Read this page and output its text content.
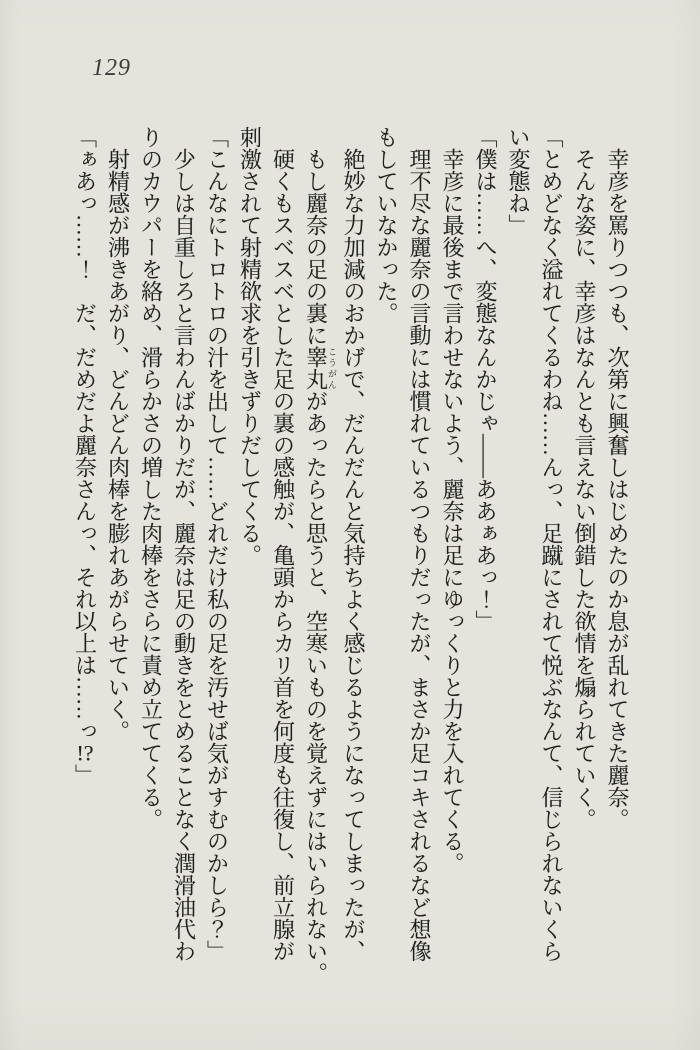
129

幸彦を罵りつつも、次第に興奮しはじめたのか息が乱れてきた麗奈。

そんな姿に、幸彦はなんとも言えない倒錯した欲情を煽られていく。

「とめどなく溢れてくるわね……んっ、足蹴にされて悦ぶなんて、信じられないくら

い変態ね」

「僕は……へ、変態なんかじゃ――ああぁあっ！」

幸彦に最後まで言わせないよう、麗奈は足にゆっくりと力を入れてくる。

理不尽な麗奈の言動には慣れているつもりだったが、まさか足コキされるなど想像

もしていなかった。

絶妙な力加減のおかげで、だんだんと気持ちよく感じるようになってしまったが、

もし麗奈の足の裏に睾丸こうがんがあったらと思うと、空寒いものを覚えずにはいられない。

硬くもスベスベとした足の裏の感触が、亀頭からカリ首を何度も往復し、前立腺が

刺激されて射精欲求を引きずりだしてくる。

「こんなにトロトロの汁を出して……どれだけ私の足を汚せば気がすむのかしら？」

少しは自重しろと言わんばかりだが、麗奈は足の動きをとめることなく潤滑油代わ

りのカウパーを絡め、滑らかさの増した肉棒をさらに責め立ててくる。

射精感が沸きあがり、どんどん肉棒を膨れあがらせていく。

「ぁあっ……！　だ、だめだよ麗奈さんっ、それ以上は……っ!?」
